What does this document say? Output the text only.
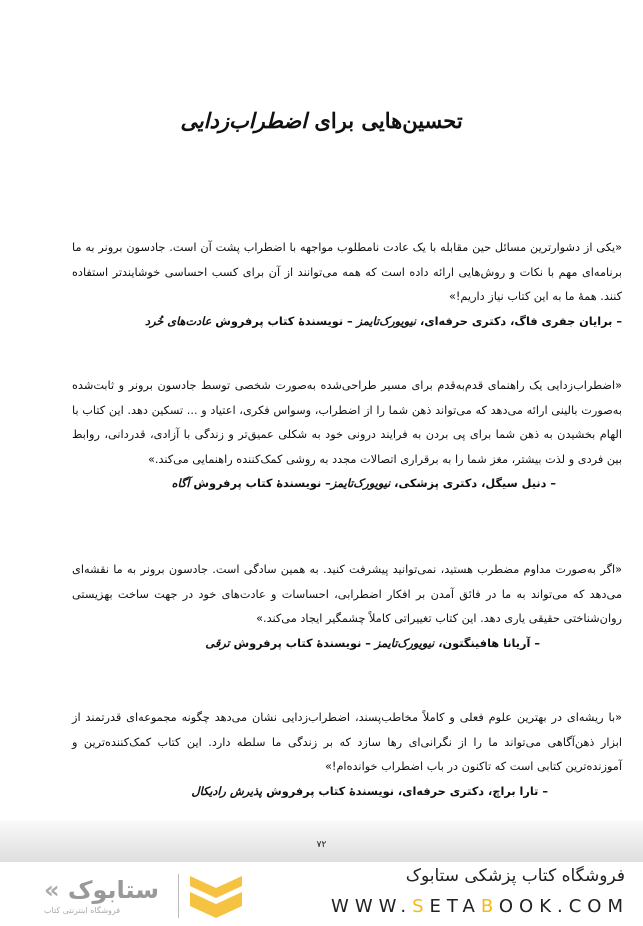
تحسین‌هایی برای اضطراب‌زدایی

«یکی از دشوارترین مسائل حین مقابله با یک عادت نامطلوب مواجهه با اضطراب پشت آن است. جادسون برونر به ما برنامه‌ای مهم با نکات و روش‌هایی ارائه داده است که همه می‌توانند از آن برای کسب احساسی خوشایندتر استفاده کنند. همهٔ ما به این کتاب نیاز داریم!»

– برایان جفری فاگ، دکتری حرفه‌ای، نیویورک‌تایمز – نویسندهٔ کتاب پرفروش عادت‌های خُرد

«اضطراب‌زدایی یک راهنمای قدم‌به‌قدم برای مسیر طراحی‌شده به‌صورت شخصی توسط جادسون برونر و ثابت‌شده به‌صورت بالینی ارائه می‌دهد که می‌تواند ذهن شما را از اضطراب، وسواس فکری، اعتیاد و ... تسکین دهد. این کتاب با الهام بخشیدن به ذهن شما برای پی بردن به فرایند درونی خود به شکلی عمیق‌تر و زندگی با آزادی، قدردانی، روابط بین فردی و لذت بیشتر، مغز شما را به برقراری اتصالات مجدد به روشی کمک‌کننده راهنمایی می‌کند.»

– دنیل سیگل، دکتری پزشکی، نیویورک‌تایمز– نویسندهٔ کتاب پرفروش آگاه

«اگر به‌صورت مداوم مضطرب هستید، نمی‌توانید پیشرفت کنید. به همین سادگی است. جادسون برونر به ما نقشه‌ای می‌دهد که می‌تواند به ما در فائق آمدن بر افکار اضطرابی، احساسات و عادت‌های خود در جهت ساخت بهزیستی روان‌شناختی حقیقی یاری دهد. این کتاب تغییراتی کاملاً چشمگیر ایجاد می‌کند.»

– آریانا هافینگتون، نیویورک‌تایمز – نویسندهٔ کتاب پرفروش ترقی

«با ریشه‌ای در بهترین علوم فعلی و کاملاً مخاطب‌پسند، اضطراب‌زدایی نشان می‌دهد چگونه مجموعه‌ای قدرتمند از ابزار ذهن‌آگاهی می‌تواند ما را از نگرانی‌ای رها سازد که بر زندگی ما سلطه دارد. این کتاب کمک‌کننده‌ترین و آموزنده‌ترین کتابی است که تاکنون در باب اضطراب خوانده‌ام!»

– تارا براچ، دکتری حرفه‌ای، نویسندهٔ کتاب پرفروش پذیرش رادیکال

۷۲
« ستابوک
فروشگاه اینترنتی کتاب
فروشگاه کتاب پزشکی ستابوک
WWW.SETABOOK.COM
